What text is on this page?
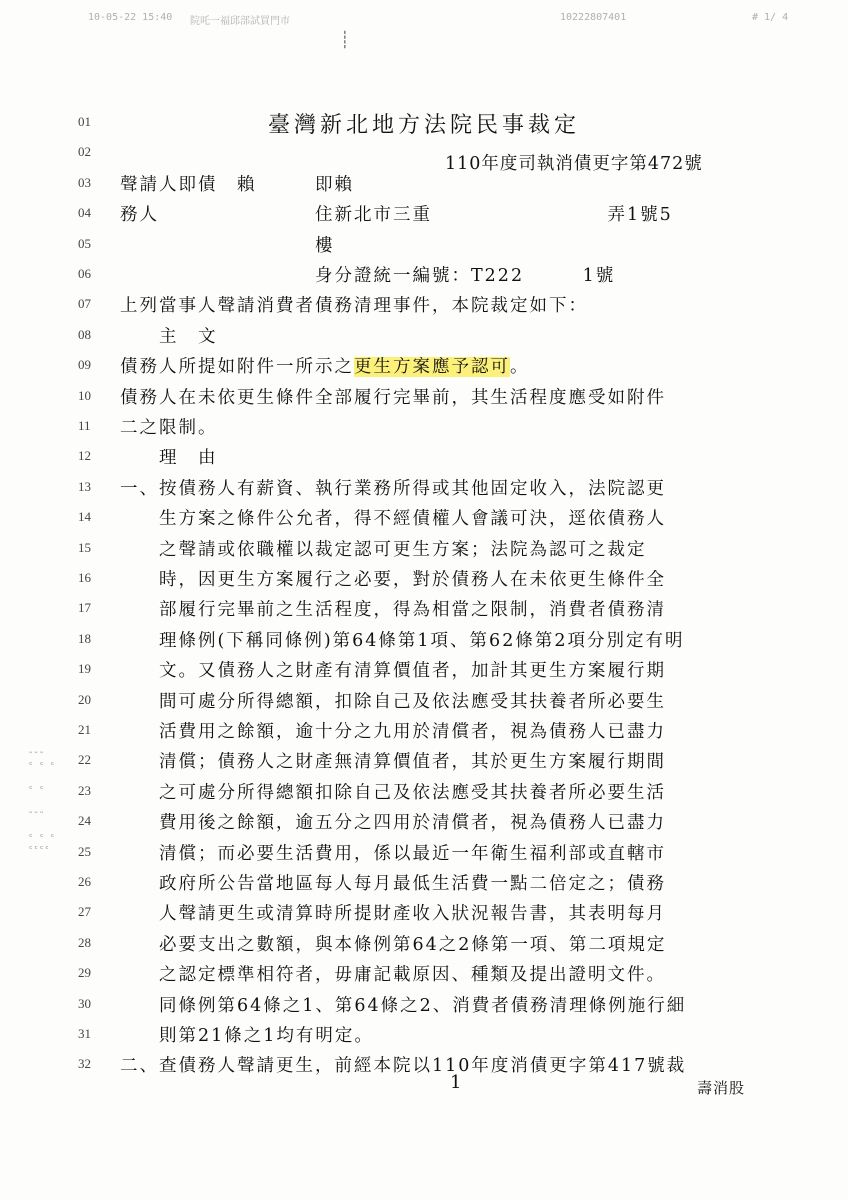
10-05-22 15:40 院吒一福邱部試買門市	10222807401	# 1/ 4
┊
臺灣新北地方法院民事裁定
110年度司執消債更字第472號
01
02
03	聲請人即債　賴　　　即賴
04	務人　　　　　　　　住新北市三重　　　　　　　　　弄1號5
05	　　　　　　　　　　樓
06	　　　　　　　　　　身分證統一編號：T222　　　1號
07	上列當事人聲請消費者債務清理事件，本院裁定如下：
08	　　主　文
09	債務人所提如附件一所示之更生方案應予認可。
10	債務人在未依更生條件全部履行完畢前，其生活程度應受如附件
11	二之限制。
12	　　理　由
13	一、按債務人有薪資、執行業務所得或其他固定收入，法院認更
14	　　生方案之條件公允者，得不經債權人會議可決，逕依債務人
15	　　之聲請或依職權以裁定認可更生方案；法院為認可之裁定
16	　　時，因更生方案履行之必要，對於債務人在未依更生條件全
17	　　部履行完畢前之生活程度，得為相當之限制，消費者債務清
18	　　理條例(下稱同條例)第64條第1項、第62條第2項分別定有明
19	　　文。又債務人之財產有清算價值者，加計其更生方案履行期
20	　　間可處分所得總額，扣除自己及依法應受其扶養者所必要生
21	　　活費用之餘額，逾十分之九用於清償者，視為債務人已盡力
22	　　清償；債務人之財產無清算價值者，其於更生方案履行期間
23	　　之可處分所得總額扣除自己及依法應受其扶養者所必要生活
24	　　費用後之餘額，逾五分之四用於清償者，視為債務人已盡力
25	　　清償；而必要生活費用，係以最近一年衛生福利部或直轄市
26	　　政府所公告當地區每人每月最低生活費一點二倍定之；債務
27	　　人聲請更生或清算時所提財產收入狀況報告書，其表明每月
28	　　必要支出之數額，與本條例第64之2條第一項、第二項規定
29	　　之認定標準相符者，毋庸記載原因、種類及提出證明文件。
30	　　同條例第64條之1、第64條之2、消費者債務清理條例施行細
31	　　則第21條之1均有明定。
32	二、查債務人聲請更生，前經本院以110年度消債更字第417號裁
ᵕᵕᵕ
ᶜ ᶜ ᶜ

ᶜ ᶜ

ᵕᵕᵕ

ᶜ ᶜ ᶜ
ᶜᶜᶜᶜ
1	壽消股
